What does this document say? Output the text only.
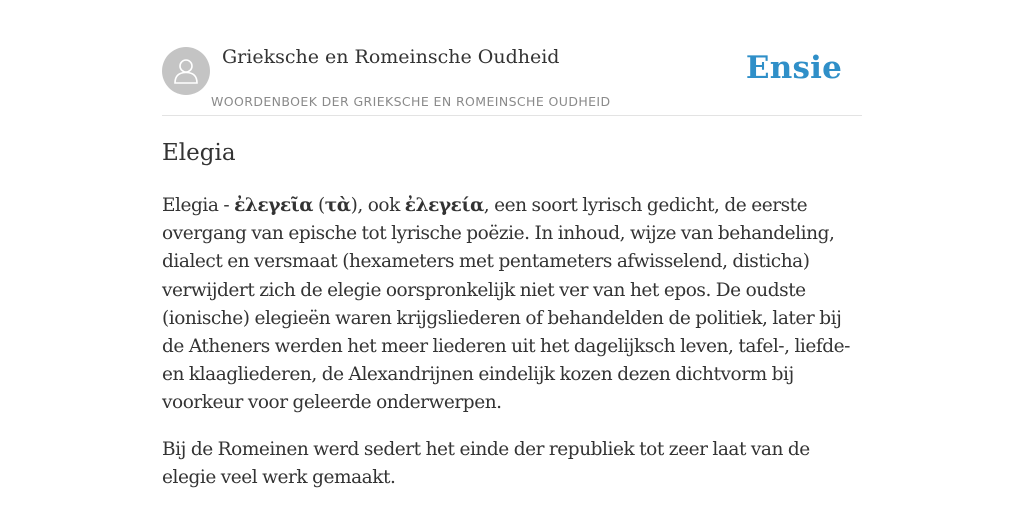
Grieksche en Romeinsche Oudheid
WOORDENBOEK DER GRIEKSCHE EN ROMEINSCHE OUDHEID
Ensie
Elegia

Elegia - ἐλεγεῖα (τὰ), ook ἐλεγεία, een soort lyrisch gedicht, de eerste overgang van epische tot lyrische poëzie. In inhoud, wijze van behandeling, dialect en versmaat (hexameters met pentameters afwisselend, disticha) verwijdert zich de elegie oorspronkelijk niet ver van het epos. De oudste (ionische) elegieën waren krijgsliederen of behandelden de politiek, later bij de Atheners werden het meer liederen uit het dagelijksch leven, tafel-, liefde- en klaagliederen, de Alexandrijnen eindelijk kozen dezen dichtvorm bij voorkeur voor geleerde onderwerpen.

Bij de Romeinen werd sedert het einde der republiek tot zeer laat van de elegie veel werk gemaakt.
